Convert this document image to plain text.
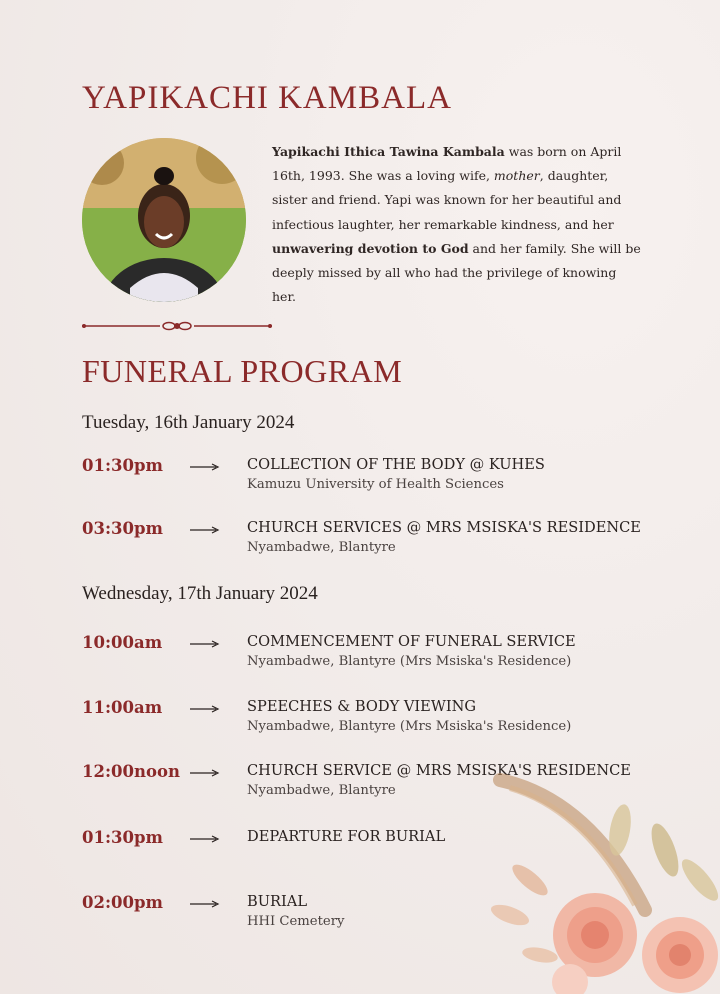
YAPIKACHI KAMBALA
Yapikachi Ithica Tawina Kambala was born on April 16th, 1993. She was a loving wife, mother, daughter, sister and friend. Yapi was known for her beautiful and infectious laughter, her remarkable kindness, and her unwavering devotion to God and her family. She will be deeply missed by all who had the privilege of knowing her.
FUNERAL PROGRAM
Tuesday, 16th January 2024
01:30pm	COLLECTION OF THE BODY @ KUHES
Kamuzu University of Health Sciences
03:30pm	CHURCH SERVICES @ MRS MSISKA'S RESIDENCE
Nyambadwe, Blantyre
Wednesday, 17th January 2024
10:00am	COMMENCEMENT OF FUNERAL SERVICE
Nyambadwe, Blantyre (Mrs Msiska's Residence)
11:00am	SPEECHES & BODY VIEWING
Nyambadwe, Blantyre (Mrs Msiska's Residence)
12:00noon	CHURCH SERVICE @ MRS MSISKA'S RESIDENCE
Nyambadwe, Blantyre
01:30pm	DEPARTURE FOR BURIAL
02:00pm	BURIAL
HHI Cemetery
